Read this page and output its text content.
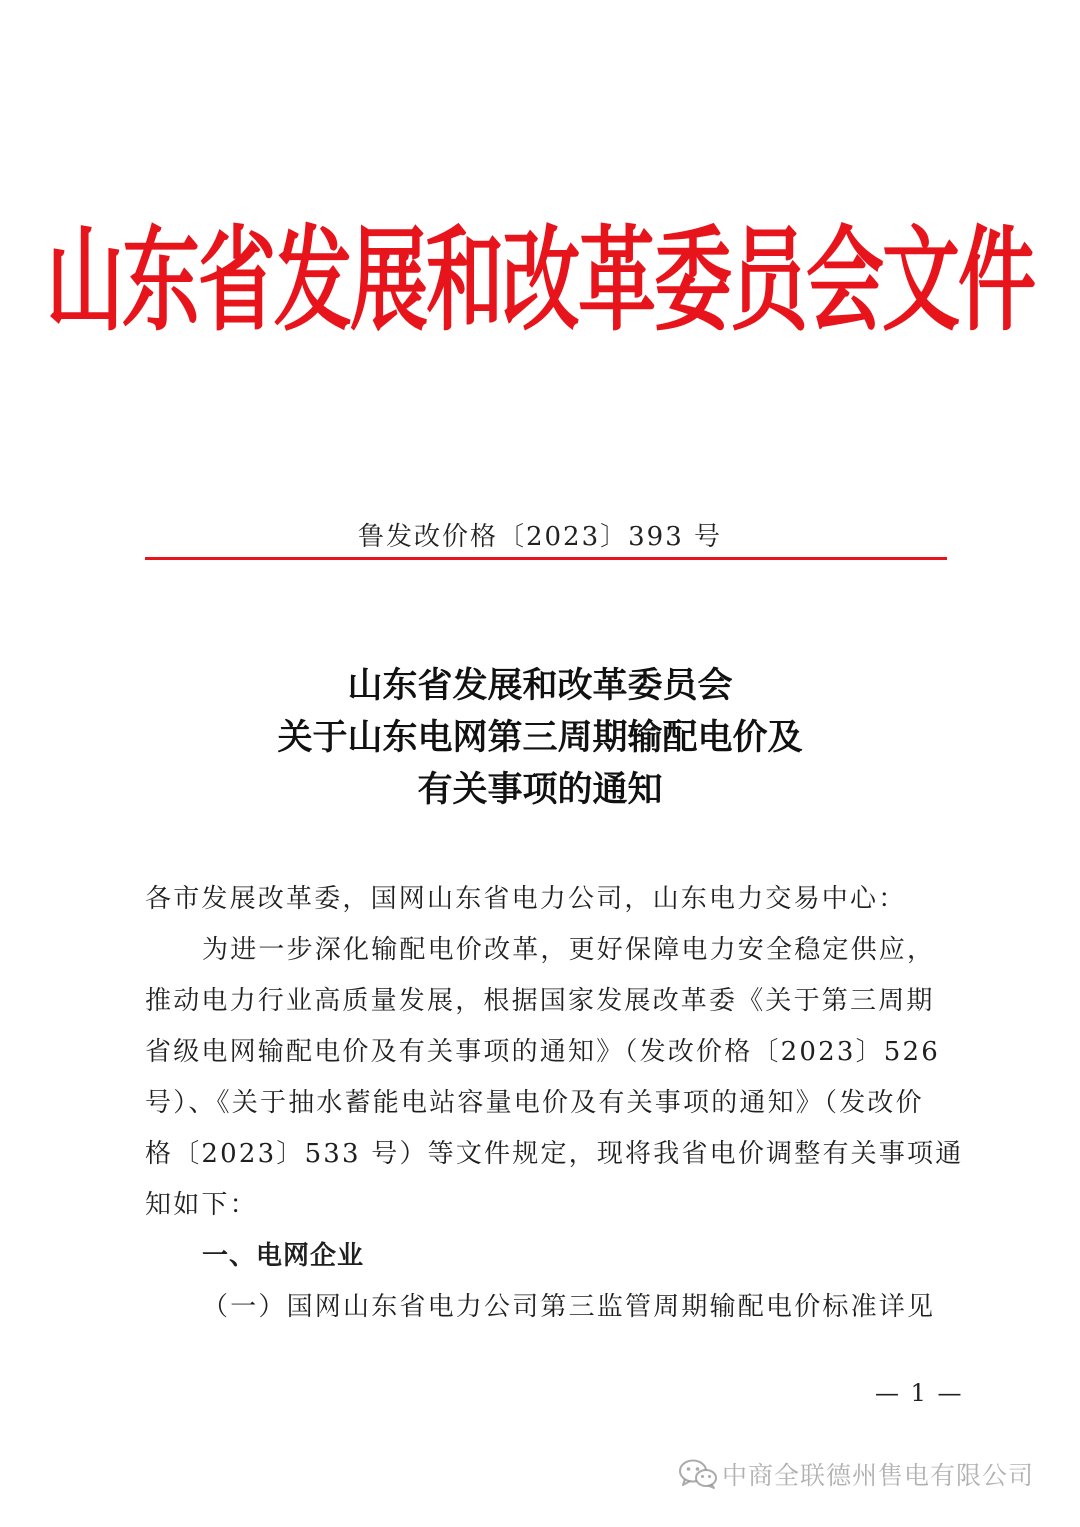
山东省发展和改革委员会文件
鲁发改价格〔2023〕393 号
山东省发展和改革委员会
关于山东电网第三周期输配电价及
有关事项的通知
各市发展改革委，国网山东省电力公司，山东电力交易中心：
为进一步深化输配电价改革，更好保障电力安全稳定供应，
推动电力行业高质量发展，根据国家发展改革委《关于第三周期
省级电网输配电价及有关事项的通知》（发改价格〔2023〕526
号）、《关于抽水蓄能电站容量电价及有关事项的通知》（发改价
格〔2023〕533 号）等文件规定，现将我省电价调整有关事项通
知如下：
一、电网企业
（一）国网山东省电力公司第三监管周期输配电价标准详见
— 1 —
中商全联德州售电有限公司
